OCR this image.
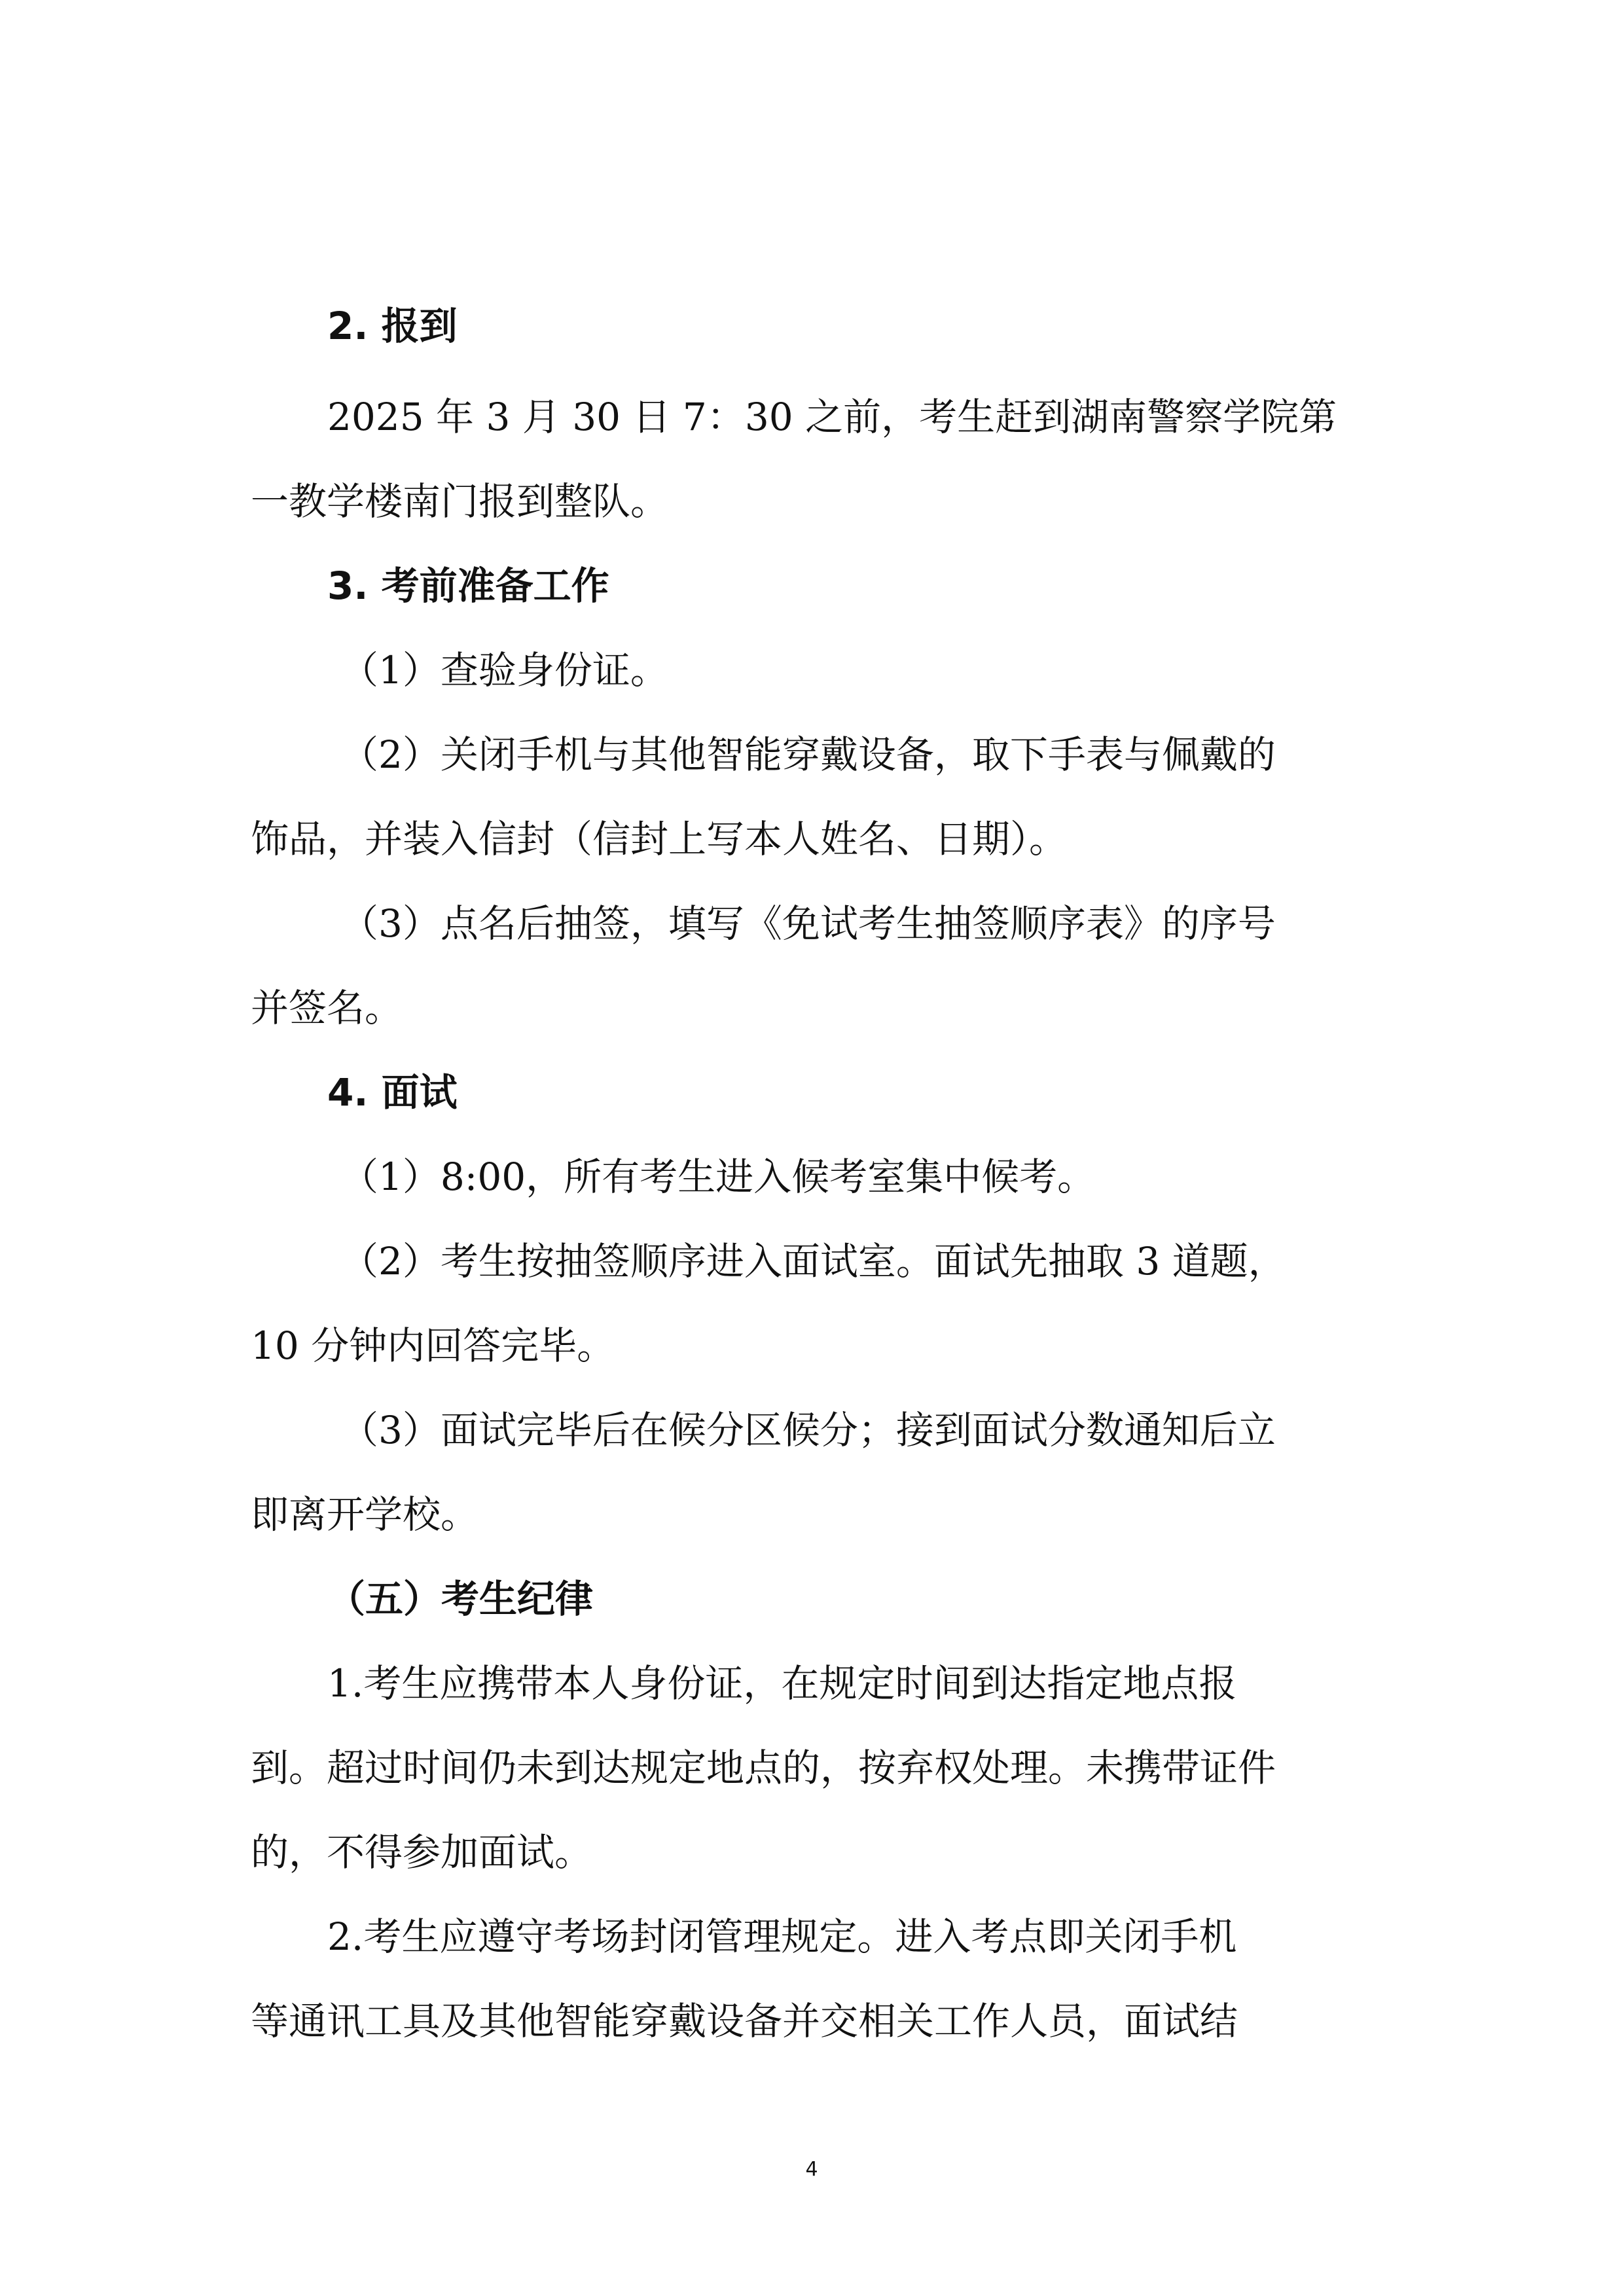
2. 报到
2025 年 3 月 30 日 7：30 之前，考生赶到湖南警察学院第
一教学楼南门报到整队。
3. 考前准备工作
（1）查验身份证。
（2）关闭手机与其他智能穿戴设备，取下手表与佩戴的
饰品，并装入信封（信封上写本人姓名、日期）。
（3）点名后抽签，填写《免试考生抽签顺序表》的序号
并签名。
4. 面试
（1）8:00，所有考生进入候考室集中候考。
（2）考生按抽签顺序进入面试室。面试先抽取 3 道题，
10 分钟内回答完毕。
（3）面试完毕后在候分区候分；接到面试分数通知后立
即离开学校。
（五）考生纪律
1.考生应携带本人身份证，在规定时间到达指定地点报
到。超过时间仍未到达规定地点的，按弃权处理。未携带证件
的，不得参加面试。
2.考生应遵守考场封闭管理规定。进入考点即关闭手机
等通讯工具及其他智能穿戴设备并交相关工作人员，面试结
4
